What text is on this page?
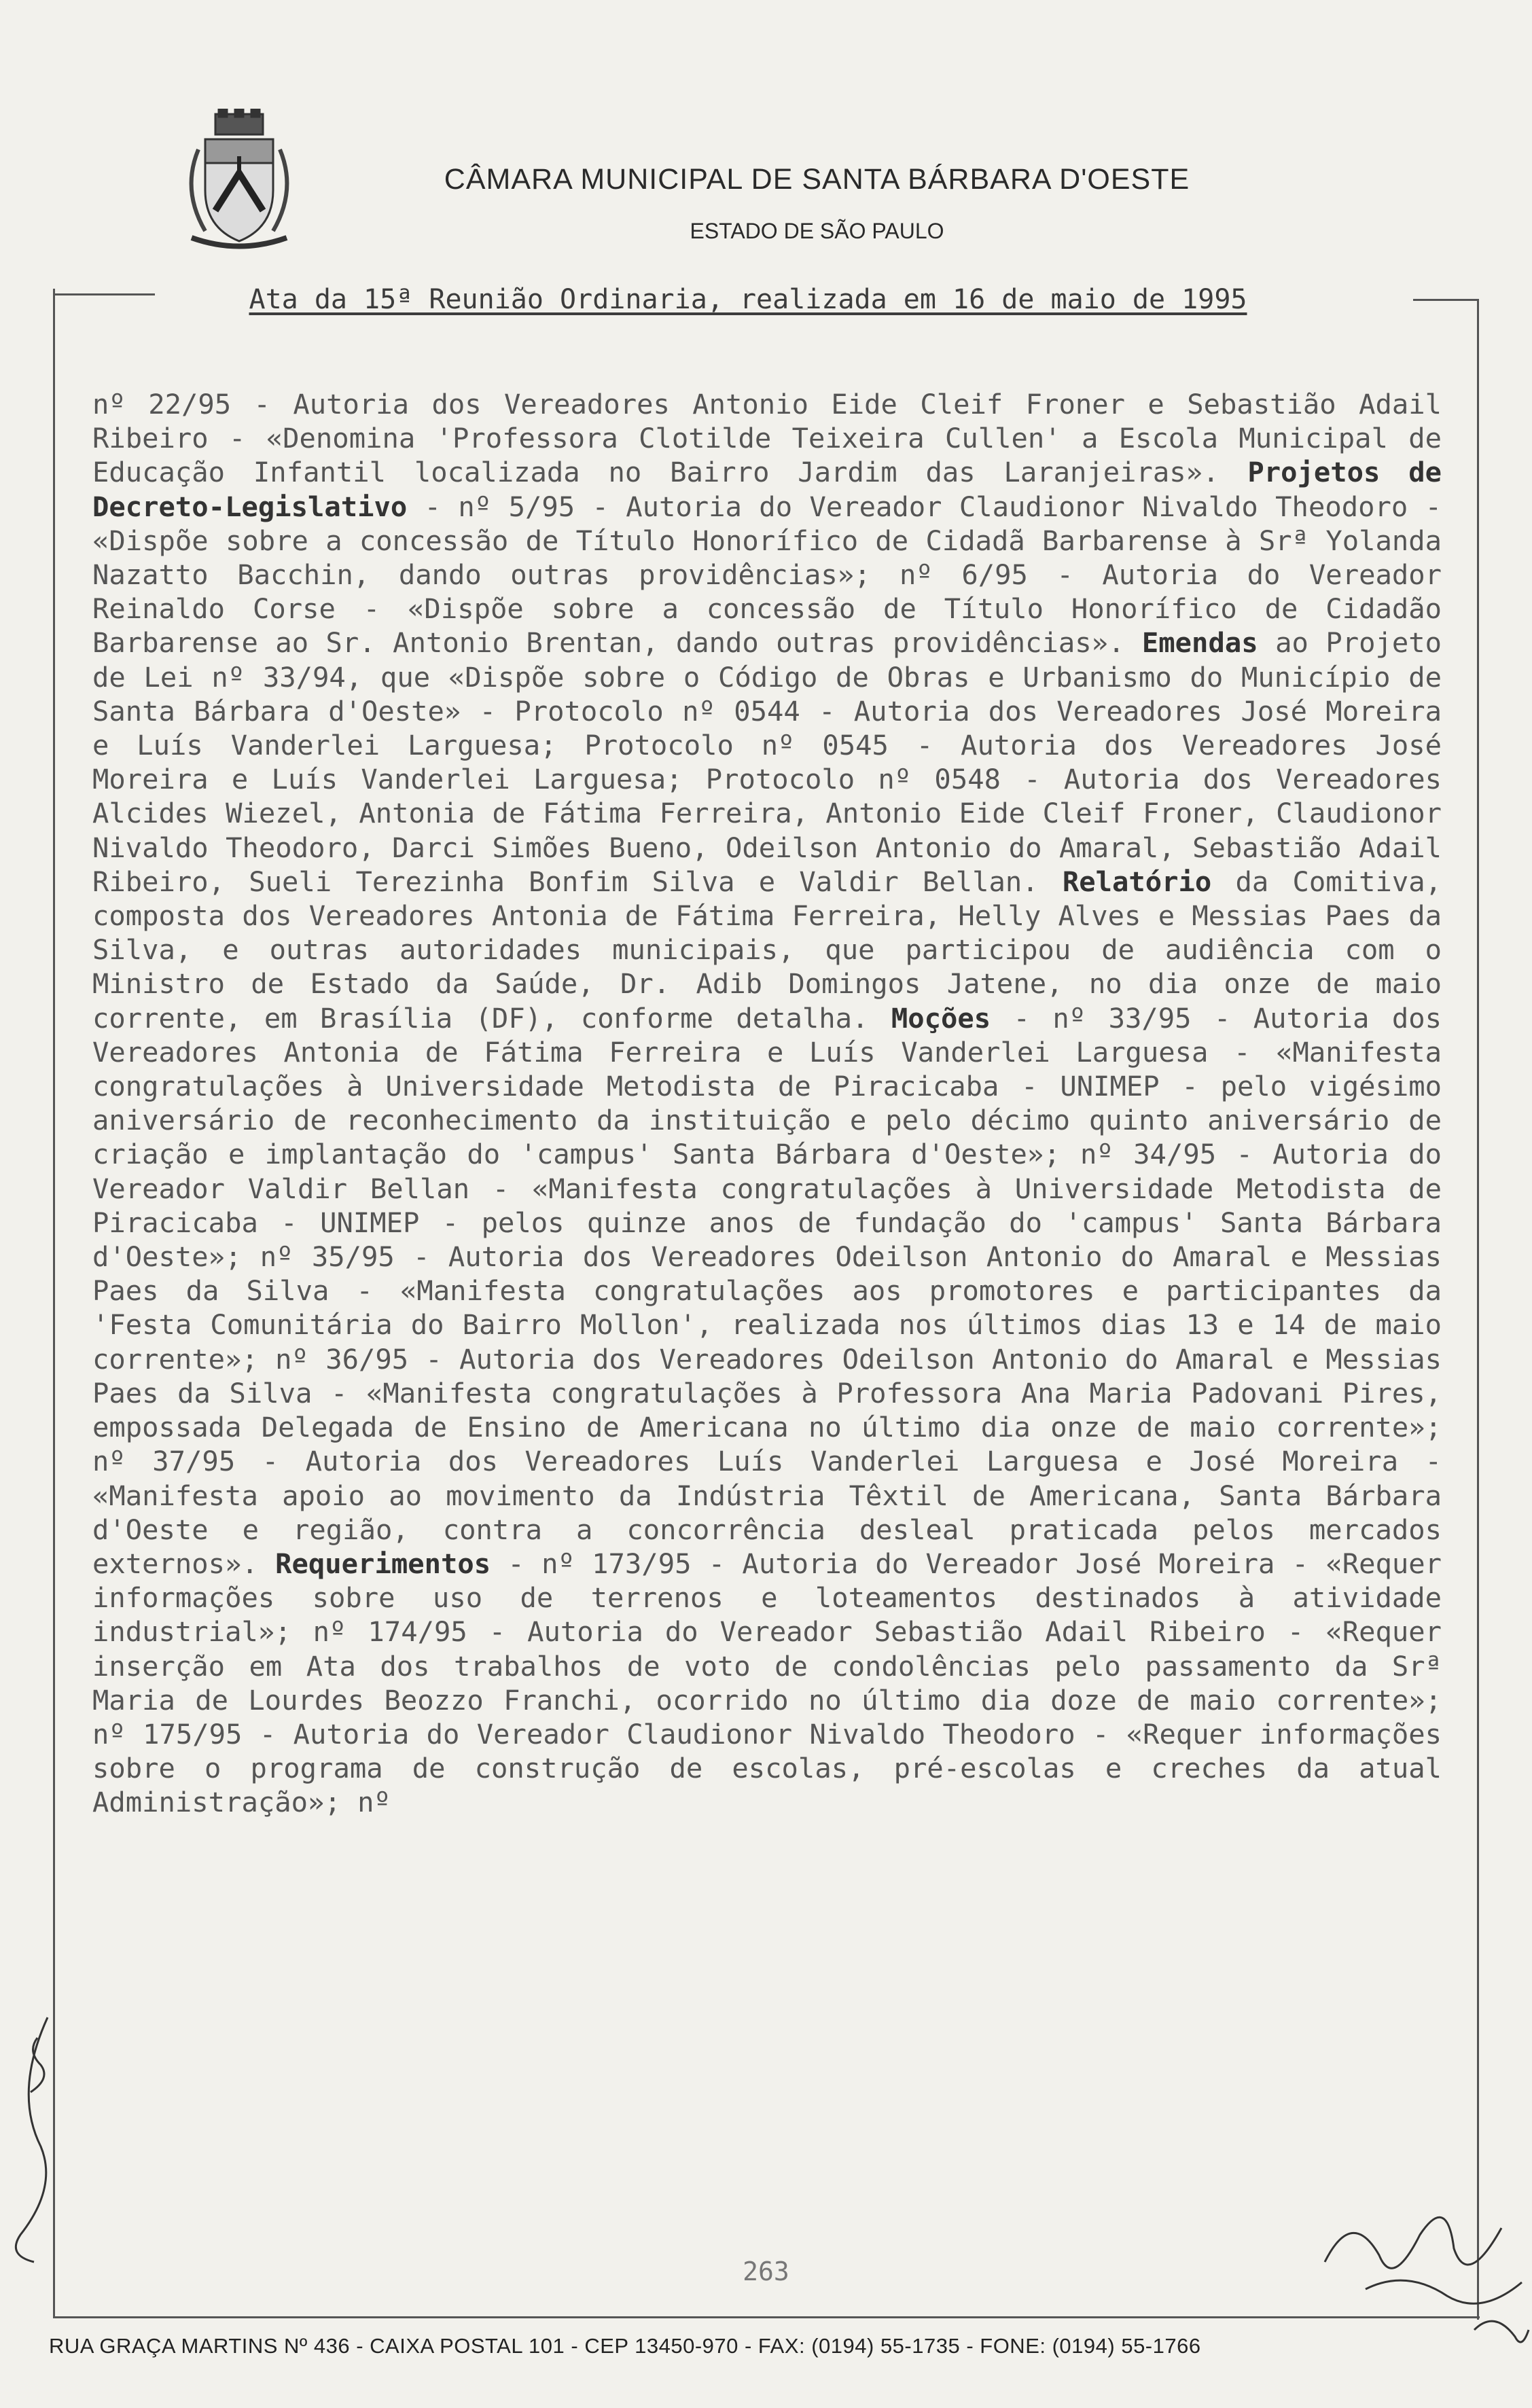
CÂMARA MUNICIPAL DE SANTA BÁRBARA D'OESTE
ESTADO DE SÃO PAULO
Ata da 15ª Reunião Ordinaria, realizada em 16 de maio de 1995
nº 22/95 - Autoria dos Vereadores Antonio Eide Cleif Froner e Sebastião Adail Ribeiro - «Denomina 'Professora Clotilde Teixeira Cullen' a Escola Municipal de Educação Infantil localizada no Bairro Jardim das Laranjeiras». Projetos de Decreto-Legislativo - nº 5/95 - Autoria do Vereador Claudionor Nivaldo Theodoro - «Dispõe sobre a concessão de Título Honorífico de Cidadã Barbarense à Srª Yolanda Nazatto Bacchin, dando outras providências»; nº 6/95 - Autoria do Vereador Reinaldo Corse - «Dispõe sobre a concessão de Título Honorífico de Cidadão Barbarense ao Sr. Antonio Brentan, dando outras providências». Emendas ao Projeto de Lei nº 33/94, que «Dispõe sobre o Código de Obras e Urbanismo do Município de Santa Bárbara d'Oeste» - Protocolo nº 0544 - Autoria dos Vereadores José Moreira e Luís Vanderlei Larguesa; Protocolo nº 0545 - Autoria dos Vereadores José Moreira e Luís Vanderlei Larguesa; Protocolo nº 0548 - Autoria dos Vereadores Alcides Wiezel, Antonia de Fátima Ferreira, Antonio Eide Cleif Froner, Claudionor Nivaldo Theodoro, Darci Simões Bueno, Odeilson Antonio do Amaral, Sebastião Adail Ribeiro, Sueli Terezinha Bonfim Silva e Valdir Bellan. Relatório da Comitiva, composta dos Vereadores Antonia de Fátima Ferreira, Helly Alves e Messias Paes da Silva, e outras autoridades municipais, que participou de audiência com o Ministro de Estado da Saúde, Dr. Adib Domingos Jatene, no dia onze de maio corrente, em Brasília (DF), conforme detalha. Moções - nº 33/95 - Autoria dos Vereadores Antonia de Fátima Ferreira e Luís Vanderlei Larguesa - «Manifesta congratulações à Universidade Metodista de Piracicaba - UNIMEP - pelo vigésimo aniversário de reconhecimento da instituição e pelo décimo quinto aniversário de criação e implantação do 'campus' Santa Bárbara d'Oeste»; nº 34/95 - Autoria do Vereador Valdir Bellan - «Manifesta congratulações à Universidade Metodista de Piracicaba - UNIMEP - pelos quinze anos de fundação do 'campus' Santa Bárbara d'Oeste»; nº 35/95 - Autoria dos Vereadores Odeilson Antonio do Amaral e Messias Paes da Silva - «Manifesta congratulações aos promotores e participantes da 'Festa Comunitária do Bairro Mollon', realizada nos últimos dias 13 e 14 de maio corrente»; nº 36/95 - Autoria dos Vereadores Odeilson Antonio do Amaral e Messias Paes da Silva - «Manifesta congratulações à Professora Ana Maria Padovani Pires, empossada Delegada de Ensino de Americana no último dia onze de maio corrente»; nº 37/95 - Autoria dos Vereadores Luís Vanderlei Larguesa e José Moreira - «Manifesta apoio ao movimento da Indústria Têxtil de Americana, Santa Bárbara d'Oeste e região, contra a concorrência desleal praticada pelos mercados externos». Requerimentos - nº 173/95 - Autoria do Vereador José Moreira - «Requer informações sobre uso de terrenos e loteamentos destinados à atividade industrial»; nº 174/95 - Autoria do Vereador Sebastião Adail Ribeiro - «Requer inserção em Ata dos trabalhos de voto de condolências pelo passamento da Srª Maria de Lourdes Beozzo Franchi, ocorrido no último dia doze de maio corrente»; nº 175/95 - Autoria do Vereador Claudionor Nivaldo Theodoro - «Requer informações sobre o programa de construção de escolas, pré-escolas e creches da atual Administração»; nº
263
RUA GRAÇA MARTINS Nº 436 - CAIXA POSTAL 101 - CEP 13450-970 - FAX: (0194) 55-1735 - FONE: (0194) 55-1766
